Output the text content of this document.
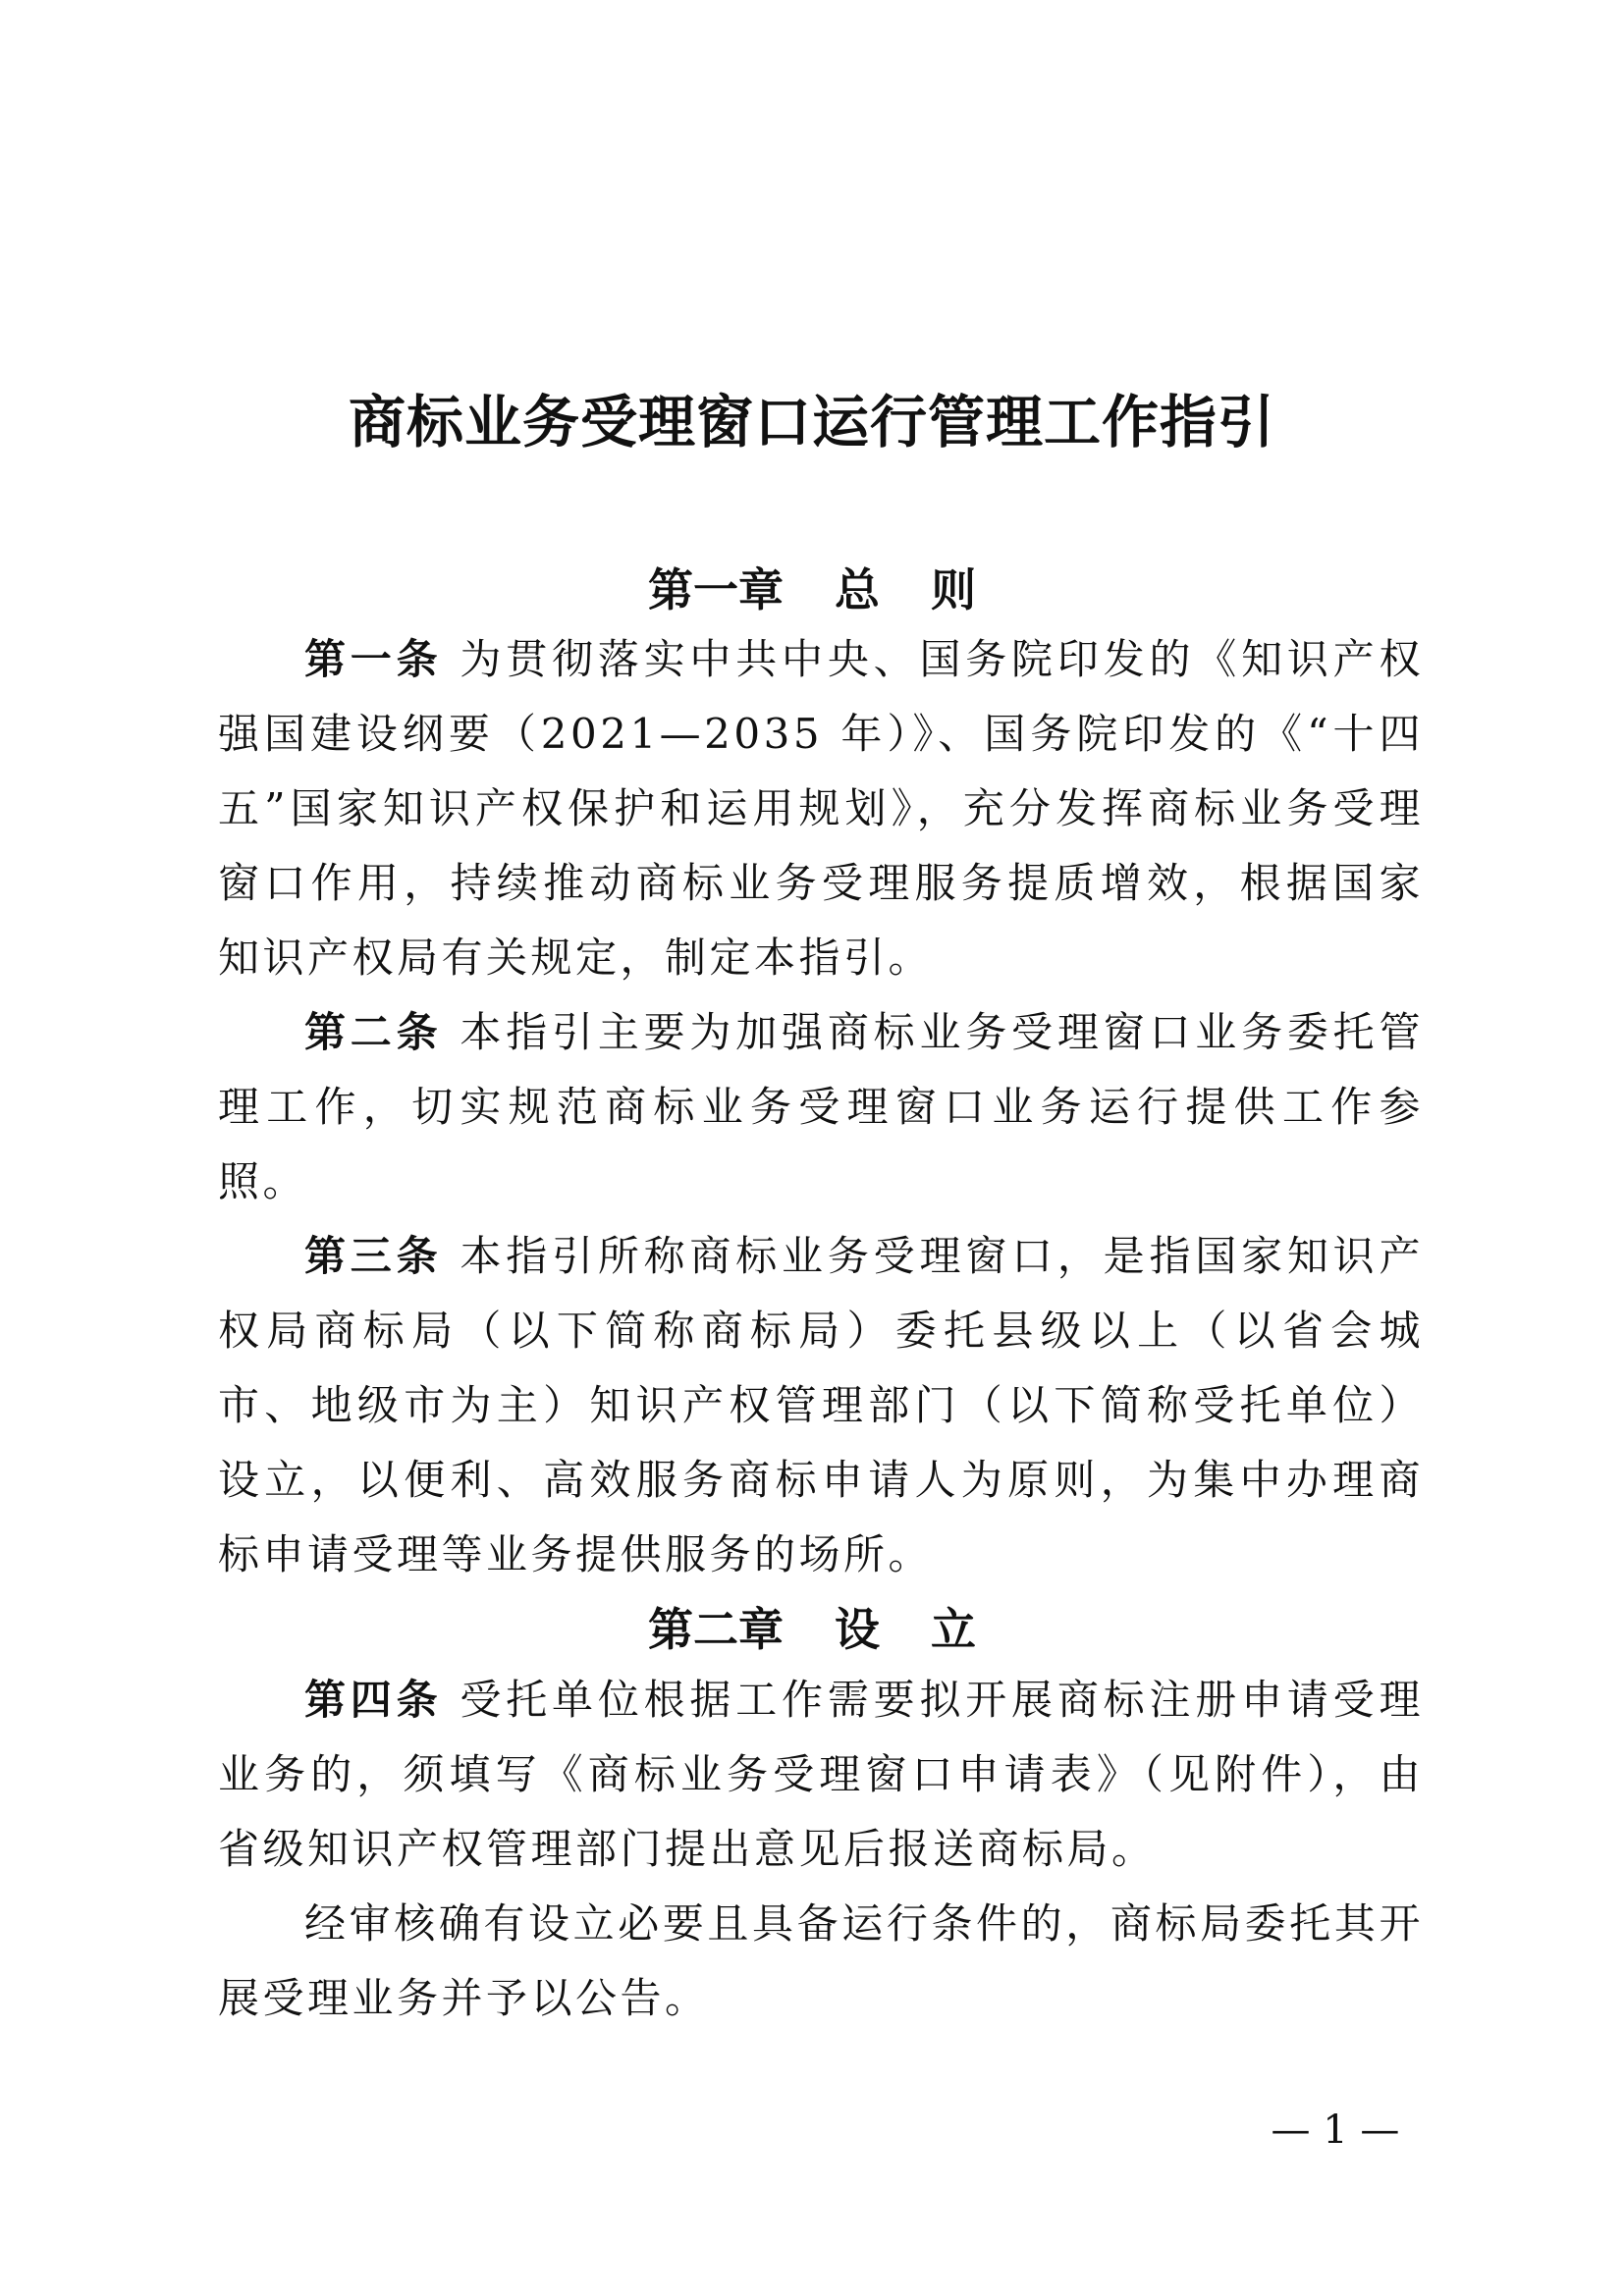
商标业务受理窗口运行管理工作指引
第一章 总 则

第一条 为贯彻落实中共中央、国务院印发的《知识产权强国建设纲要（2021—2035 年）》、国务院印发的《“十四五”国家知识产权保护和运用规划》，充分发挥商标业务受理窗口作用，持续推动商标业务受理服务提质增效，根据国家知识产权局有关规定，制定本指引。

第二条 本指引主要为加强商标业务受理窗口业务委托管理工作，切实规范商标业务受理窗口业务运行提供工作参照。

第三条 本指引所称商标业务受理窗口，是指国家知识产权局商标局（以下简称商标局）委托县级以上（以省会城市、地级市为主）知识产权管理部门（以下简称受托单位）设立，以便利、高效服务商标申请人为原则，为集中办理商标申请受理等业务提供服务的场所。

第二章 设 立

第四条 受托单位根据工作需要拟开展商标注册申请受理业务的，须填写《商标业务受理窗口申请表》（见附件），由省级知识产权管理部门提出意见后报送商标局。

经审核确有设立必要且具备运行条件的，商标局委托其开展受理业务并予以公告。

— 1 —
